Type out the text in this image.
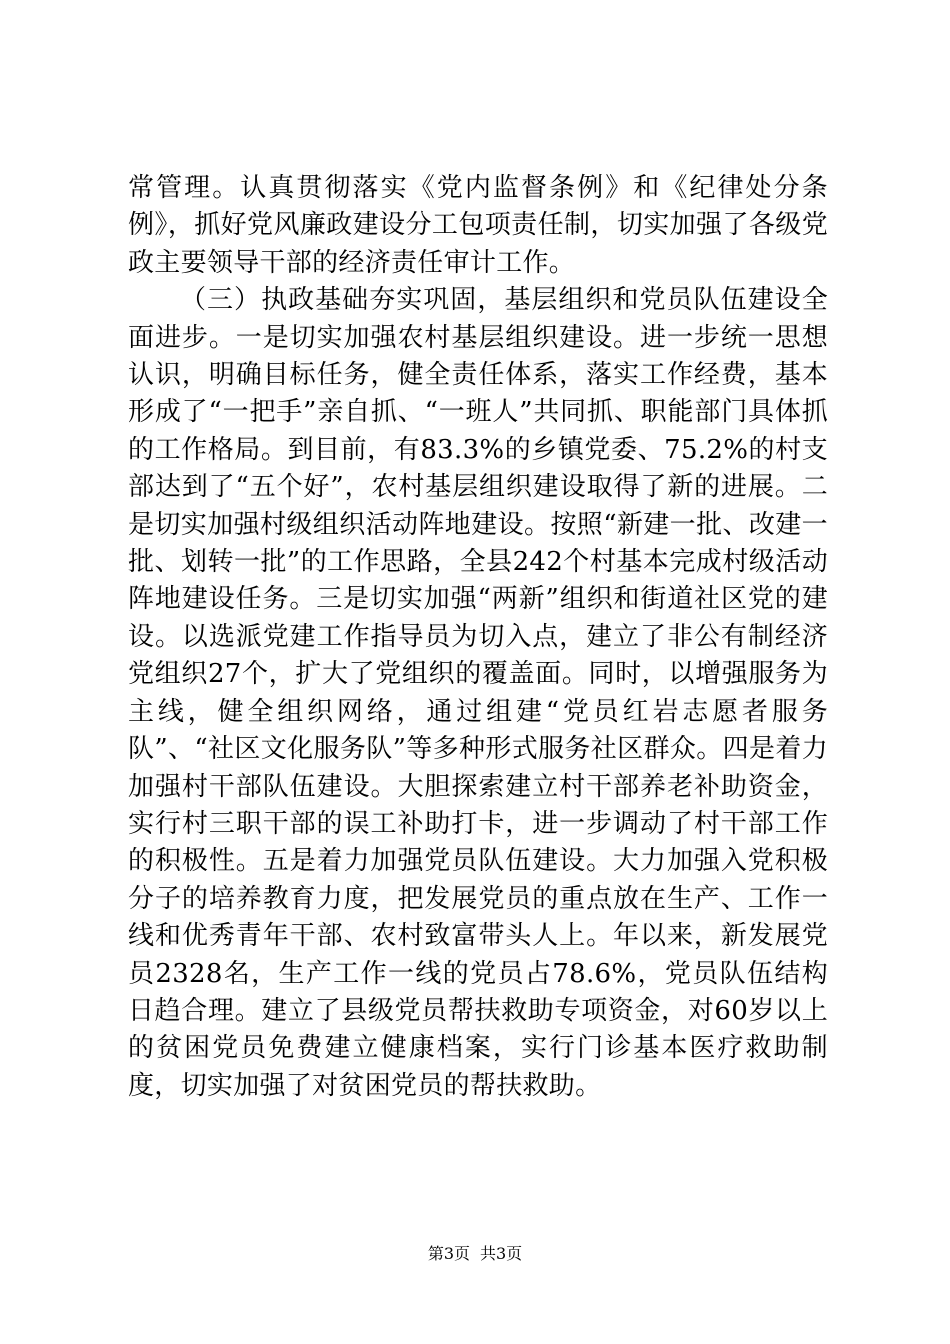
常管理。认真贯彻落实《党内监督条例》和《纪律处分条例》，抓好党风廉政建设分工包项责任制，切实加强了各级党政主要领导干部的经济责任审计工作。

（三）执政基础夯实巩固，基层组织和党员队伍建设全面进步。一是切实加强农村基层组织建设。进一步统一思想认识，明确目标任务，健全责任体系，落实工作经费，基本形成了“一把手”亲自抓、“一班人”共同抓、职能部门具体抓的工作格局。到目前，有83.3%的乡镇党委、75.2%的村支部达到了“五个好”，农村基层组织建设取得了新的进展。二是切实加强村级组织活动阵地建设。按照“新建一批、改建一批、划转一批”的工作思路，全县242个村基本完成村级活动阵地建设任务。三是切实加强“两新”组织和街道社区党的建设。以选派党建工作指导员为切入点，建立了非公有制经济党组织27个，扩大了党组织的覆盖面。同时，以增强服务为主线，健全组织网络，通过组建“党员红岩志愿者服务队”、“社区文化服务队”等多种形式服务社区群众。四是着力加强村干部队伍建设。大胆探索建立村干部养老补助资金，实行村三职干部的误工补助打卡，进一步调动了村干部工作的积极性。五是着力加强党员队伍建设。大力加强入党积极分子的培养教育力度，把发展党员的重点放在生产、工作一线和优秀青年干部、农村致富带头人上。年以来，新发展党员2328名，生产工作一线的党员占78.6%，党员队伍结构日趋合理。建立了县级党员帮扶救助专项资金，对60岁以上的贫困党员免费建立健康档案，实行门诊基本医疗救助制度，切实加强了对贫困党员的帮扶救助。

第3页 共3页
